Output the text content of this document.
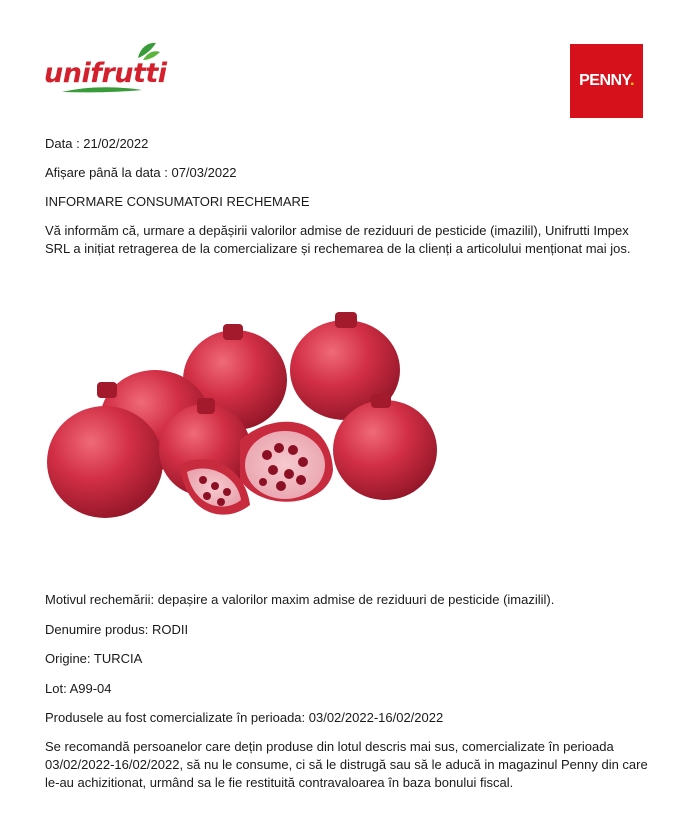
unifrutti	PENNY.
Data : 21/02/2022
Afișare până la data : 07/03/2022
INFORMARE CONSUMATORI RECHEMARE
Vă informăm că, urmare a depășirii valorilor admise de reziduuri de pesticide (imazilil), Unifrutti Impex SRL a inițiat retragerea de la comercializare și rechemarea de la clienți a articolului menționat mai jos.
Motivul rechemării: depașire a valorilor maxim admise de reziduuri de pesticide (imazilil).
Denumire produs: RODII
Origine: TURCIA
Lot: A99-04
Produsele au fost comercializate în perioada: 03/02/2022-16/02/2022
Se recomandă persoanelor care dețin produse din lotul descris mai sus, comercializate în perioada 03/02/2022-16/02/2022, să nu le consume, ci să le distrugă sau să le aducă in magazinul Penny din care le-au achizitionat, urmând sa le fie restituită contravaloarea în baza bonului fiscal.
